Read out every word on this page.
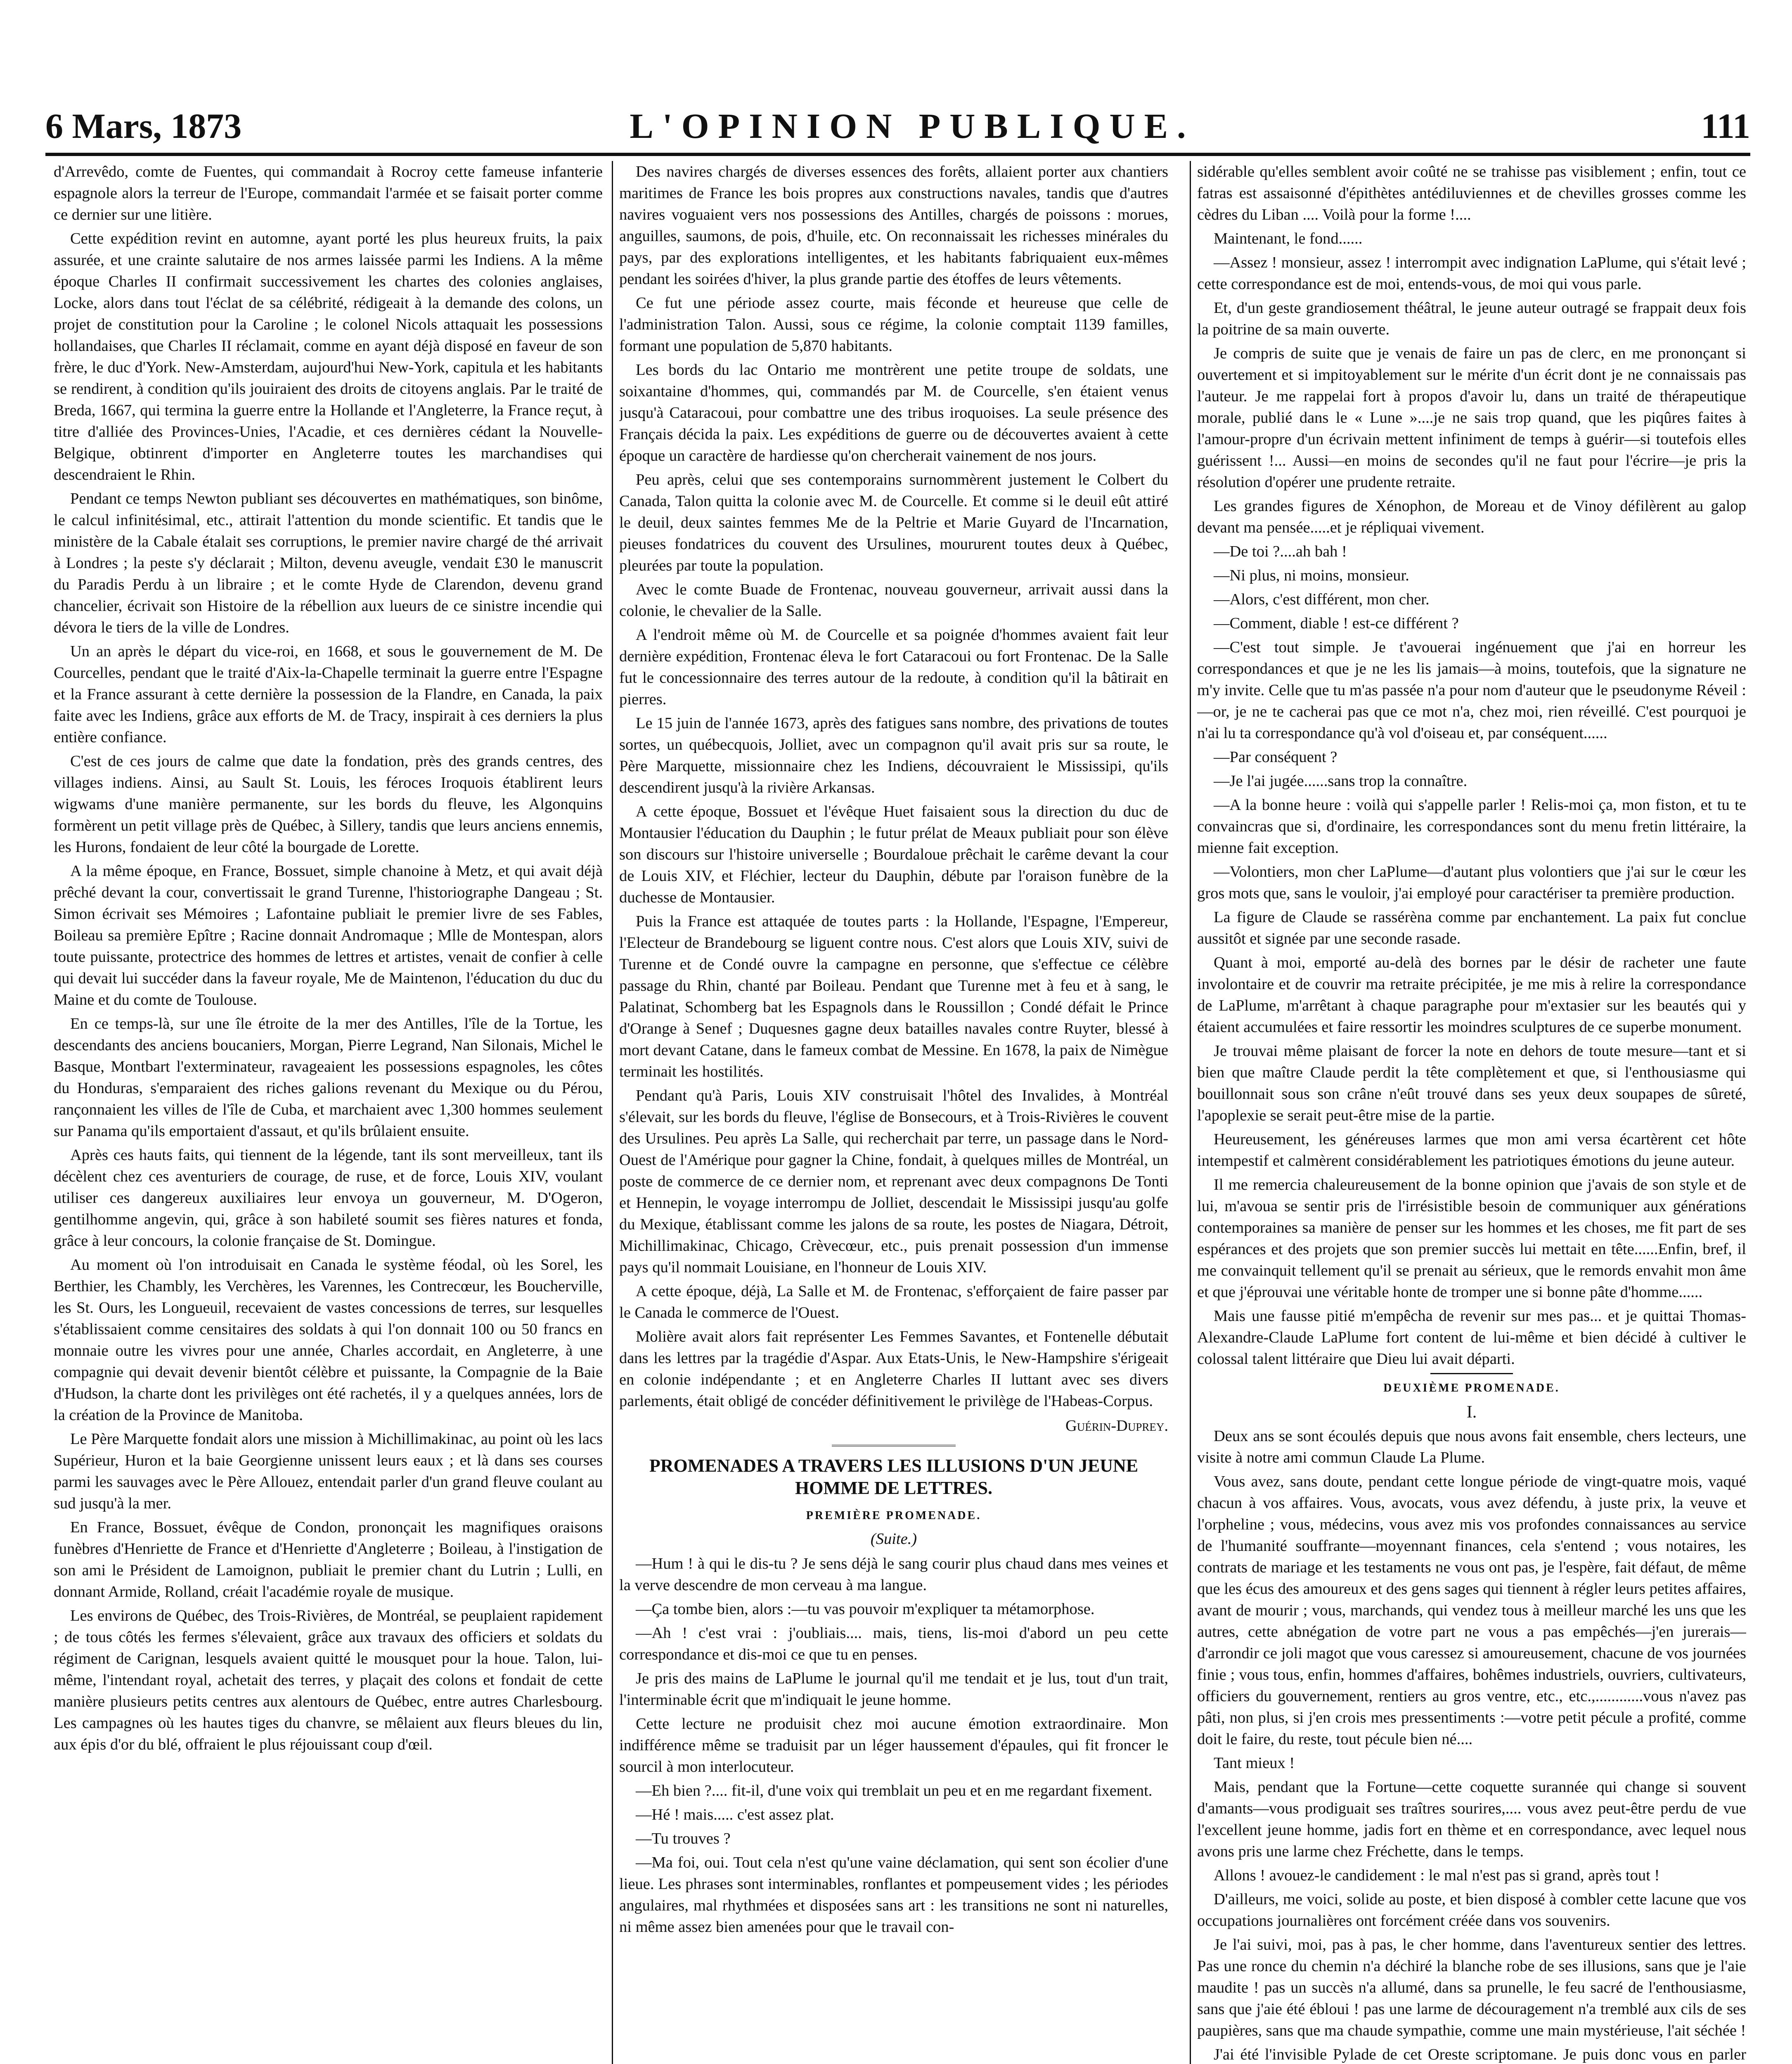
6 Mars, 1873	L'OPINION PUBLIQUE.	111

d'Arrevêdo, comte de Fuentes, qui commandait à Rocroy cette fameuse infanterie espagnole alors la terreur de l'Europe, commandait l'armée et se faisait porter comme ce dernier sur une litière.

Cette expédition revint en automne, ayant porté les plus heureux fruits, la paix assurée, et une crainte salutaire de nos armes laissée parmi les Indiens. A la même époque Charles II confirmait successivement les chartes des colonies anglaises, Locke, alors dans tout l'éclat de sa célébrité, rédigeait à la demande des colons, un projet de constitution pour la Caroline ; le colonel Nicols attaquait les possessions hollandaises, que Charles II réclamait, comme en ayant déjà disposé en faveur de son frère, le duc d'York. New-Amsterdam, aujourd'hui New-York, capitula et les habitants se rendirent, à condition qu'ils jouiraient des droits de citoyens anglais. Par le traité de Breda, 1667, qui termina la guerre entre la Hollande et l'Angleterre, la France reçut, à titre d'alliée des Provinces-Unies, l'Acadie, et ces dernières cédant la Nouvelle-Belgique, obtinrent d'importer en Angleterre toutes les marchandises qui descendraient le Rhin.

Pendant ce temps Newton publiant ses découvertes en mathématiques, son binôme, le calcul infinitésimal, etc., attirait l'attention du monde scientific. Et tandis que le ministère de la Cabale étalait ses corruptions, le premier navire chargé de thé arrivait à Londres ; la peste s'y déclarait ; Milton, devenu aveugle, vendait £30 le manuscrit du Paradis Perdu à un libraire ; et le comte Hyde de Clarendon, devenu grand chancelier, écrivait son Histoire de la rébellion aux lueurs de ce sinistre incendie qui dévora le tiers de la ville de Londres.

Un an après le départ du vice-roi, en 1668, et sous le gouvernement de M. De Courcelles, pendant que le traité d'Aix-la-Chapelle terminait la guerre entre l'Espagne et la France assurant à cette dernière la possession de la Flandre, en Canada, la paix faite avec les Indiens, grâce aux efforts de M. de Tracy, inspirait à ces derniers la plus entière confiance.

C'est de ces jours de calme que date la fondation, près des grands centres, des villages indiens. Ainsi, au Sault St. Louis, les féroces Iroquois établirent leurs wigwams d'une manière permanente, sur les bords du fleuve, les Algonquins formèrent un petit village près de Québec, à Sillery, tandis que leurs anciens ennemis, les Hurons, fondaient de leur côté la bourgade de Lorette.

A la même époque, en France, Bossuet, simple chanoine à Metz, et qui avait déjà prêché devant la cour, convertissait le grand Turenne, l'historiographe Dangeau ; St. Simon écrivait ses Mémoires ; Lafontaine publiait le premier livre de ses Fables, Boileau sa première Epître ; Racine donnait Andromaque ; Mlle de Montespan, alors toute puissante, protectrice des hommes de lettres et artistes, venait de confier à celle qui devait lui succéder dans la faveur royale, Me de Maintenon, l'éducation du duc du Maine et du comte de Toulouse.

En ce temps-là, sur une île étroite de la mer des Antilles, l'île de la Tortue, les descendants des anciens boucaniers, Morgan, Pierre Legrand, Nan Silonais, Michel le Basque, Montbart l'exterminateur, ravageaient les possessions espagnoles, les côtes du Honduras, s'emparaient des riches galions revenant du Mexique ou du Pérou, rançonnaient les villes de l'île de Cuba, et marchaient avec 1,300 hommes seulement sur Panama qu'ils emportaient d'assaut, et qu'ils brûlaient ensuite.

Après ces hauts faits, qui tiennent de la légende, tant ils sont merveilleux, tant ils décèlent chez ces aventuriers de courage, de ruse, et de force, Louis XIV, voulant utiliser ces dangereux auxiliaires leur envoya un gouverneur, M. D'Ogeron, gentilhomme angevin, qui, grâce à son habileté soumit ses fières natures et fonda, grâce à leur concours, la colonie française de St. Domingue.

Au moment où l'on introduisait en Canada le système féodal, où les Sorel, les Berthier, les Chambly, les Verchères, les Varennes, les Contrecœur, les Boucherville, les St. Ours, les Longueuil, recevaient de vastes concessions de terres, sur lesquelles s'établissaient comme censitaires des soldats à qui l'on donnait 100 ou 50 francs en monnaie outre les vivres pour une année, Charles accordait, en Angleterre, à une compagnie qui devait devenir bientôt célèbre et puissante, la Compagnie de la Baie d'Hudson, la charte dont les privilèges ont été rachetés, il y a quelques années, lors de la création de la Province de Manitoba.

Le Père Marquette fondait alors une mission à Michillimakinac, au point où les lacs Supérieur, Huron et la baie Georgienne unissent leurs eaux ; et là dans ses courses parmi les sauvages avec le Père Allouez, entendait parler d'un grand fleuve coulant au sud jusqu'à la mer.

En France, Bossuet, évêque de Condon, prononçait les magnifiques oraisons funèbres d'Henriette de France et d'Henriette d'Angleterre ; Boileau, à l'instigation de son ami le Président de Lamoignon, publiait le premier chant du Lutrin ; Lulli, en donnant Armide, Rolland, créait l'académie royale de musique.

Les environs de Québec, des Trois-Rivières, de Montréal, se peuplaient rapidement ; de tous côtés les fermes s'élevaient, grâce aux travaux des officiers et soldats du régiment de Carignan, lesquels avaient quitté le mousquet pour la houe. Talon, lui-même, l'intendant royal, achetait des terres, y plaçait des colons et fondait de cette manière plusieurs petits centres aux alentours de Québec, entre autres Charlesbourg. Les campagnes où les hautes tiges du chanvre, se mêlaient aux fleurs bleues du lin, aux épis d'or du blé, offraient le plus réjouissant coup d'œil.

Des navires chargés de diverses essences des forêts, allaient porter aux chantiers maritimes de France les bois propres aux constructions navales, tandis que d'autres navires voguaient vers nos possessions des Antilles, chargés de poissons : morues, anguilles, saumons, de pois, d'huile, etc. On reconnaissait les richesses minérales du pays, par des explorations intelligentes, et les habitants fabriquaient eux-mêmes pendant les soirées d'hiver, la plus grande partie des étoffes de leurs vêtements.

Ce fut une période assez courte, mais féconde et heureuse que celle de l'administration Talon. Aussi, sous ce régime, la colonie comptait 1139 familles, formant une population de 5,870 habitants.

Les bords du lac Ontario me montrèrent une petite troupe de soldats, une soixantaine d'hommes, qui, commandés par M. de Courcelle, s'en étaient venus jusqu'à Cataracoui, pour combattre une des tribus iroquoises. La seule présence des Français décida la paix. Les expéditions de guerre ou de découvertes avaient à cette époque un caractère de hardiesse qu'on chercherait vainement de nos jours.

Peu après, celui que ses contemporains surnommèrent justement le Colbert du Canada, Talon quitta la colonie avec M. de Courcelle. Et comme si le deuil eût attiré le deuil, deux saintes femmes Me de la Peltrie et Marie Guyard de l'Incarnation, pieuses fondatrices du couvent des Ursulines, moururent toutes deux à Québec, pleurées par toute la population.

Avec le comte Buade de Frontenac, nouveau gouverneur, arrivait aussi dans la colonie, le chevalier de la Salle.

A l'endroit même où M. de Courcelle et sa poignée d'hommes avaient fait leur dernière expédition, Frontenac éleva le fort Cataracoui ou fort Frontenac. De la Salle fut le concessionnaire des terres autour de la redoute, à condition qu'il la bâtirait en pierres.

Le 15 juin de l'année 1673, après des fatigues sans nombre, des privations de toutes sortes, un québecquois, Jolliet, avec un compagnon qu'il avait pris sur sa route, le Père Marquette, missionnaire chez les Indiens, découvraient le Mississipi, qu'ils descendirent jusqu'à la rivière Arkansas.

A cette époque, Bossuet et l'évêque Huet faisaient sous la direction du duc de Montausier l'éducation du Dauphin ; le futur prélat de Meaux publiait pour son élève son discours sur l'histoire universelle ; Bourdaloue prêchait le carême devant la cour de Louis XIV, et Fléchier, lecteur du Dauphin, débute par l'oraison funèbre de la duchesse de Montausier.

Puis la France est attaquée de toutes parts : la Hollande, l'Espagne, l'Empereur, l'Electeur de Brandebourg se liguent contre nous. C'est alors que Louis XIV, suivi de Turenne et de Condé ouvre la campagne en personne, que s'effectue ce célèbre passage du Rhin, chanté par Boileau. Pendant que Turenne met à feu et à sang, le Palatinat, Schomberg bat les Espagnols dans le Roussillon ; Condé défait le Prince d'Orange à Senef ; Duquesnes gagne deux batailles navales contre Ruyter, blessé à mort devant Catane, dans le fameux combat de Messine. En 1678, la paix de Nimègue terminait les hostilités.

Pendant qu'à Paris, Louis XIV construisait l'hôtel des Invalides, à Montréal s'élevait, sur les bords du fleuve, l'église de Bonsecours, et à Trois-Rivières le couvent des Ursulines. Peu après La Salle, qui recherchait par terre, un passage dans le Nord-Ouest de l'Amérique pour gagner la Chine, fondait, à quelques milles de Montréal, un poste de commerce de ce dernier nom, et reprenant avec deux compagnons De Tonti et Hennepin, le voyage interrompu de Jolliet, descendait le Mississipi jusqu'au golfe du Mexique, établissant comme les jalons de sa route, les postes de Niagara, Détroit, Michillimakinac, Chicago, Crèvecœur, etc., puis prenait possession d'un immense pays qu'il nommait Louisiane, en l'honneur de Louis XIV.

A cette époque, déjà, La Salle et M. de Frontenac, s'efforçaient de faire passer par le Canada le commerce de l'Ouest.

Molière avait alors fait représenter Les Femmes Savantes, et Fontenelle débutait dans les lettres par la tragédie d'Aspar. Aux Etats-Unis, le New-Hampshire s'érigeait en colonie indépendante ; et en Angleterre Charles II luttant avec ses divers parlements, était obligé de concéder définitivement le privilège de l'Habeas-Corpus.

Guérin-Duprey.
PROMENADES A TRAVERS LES ILLUSIONS D'UN JEUNE HOMME DE LETTRES.
PREMIÈRE PROMENADE.
(Suite.)

—Hum ! à qui le dis-tu ? Je sens déjà le sang courir plus chaud dans mes veines et la verve descendre de mon cerveau à ma langue.

—Ça tombe bien, alors :—tu vas pouvoir m'expliquer ta métamorphose.

—Ah ! c'est vrai : j'oubliais.... mais, tiens, lis-moi d'abord un peu cette correspondance et dis-moi ce que tu en penses.

Je pris des mains de LaPlume le journal qu'il me tendait et je lus, tout d'un trait, l'interminable écrit que m'indiquait le jeune homme.

Cette lecture ne produisit chez moi aucune émotion extraordinaire. Mon indifférence même se traduisit par un léger haussement d'épaules, qui fit froncer le sourcil à mon interlocuteur.

—Eh bien ?.... fit-il, d'une voix qui tremblait un peu et en me regardant fixement.

—Hé ! mais..... c'est assez plat.

—Tu trouves ?

—Ma foi, oui. Tout cela n'est qu'une vaine déclamation, qui sent son écolier d'une lieue. Les phrases sont interminables, ronflantes et pompeusement vides ; les périodes angulaires, mal rhythmées et disposées sans art : les transitions ne sont ni naturelles, ni même assez bien amenées pour que le travail con-

sidérable qu'elles semblent avoir coûté ne se trahisse pas visiblement ; enfin, tout ce fatras est assaisonné d'épithètes antédiluviennes et de chevilles grosses comme les cèdres du Liban .... Voilà pour la forme !....

Maintenant, le fond......

—Assez ! monsieur, assez ! interrompit avec indignation LaPlume, qui s'était levé ; cette correspondance est de moi, entends-vous, de moi qui vous parle.

Et, d'un geste grandiosement théâtral, le jeune auteur outragé se frappait deux fois la poitrine de sa main ouverte.

Je compris de suite que je venais de faire un pas de clerc, en me prononçant si ouvertement et si impitoyablement sur le mérite d'un écrit dont je ne connaissais pas l'auteur. Je me rappelai fort à propos d'avoir lu, dans un traité de thérapeutique morale, publié dans le « Lune »....je ne sais trop quand, que les piqûres faites à l'amour-propre d'un écrivain mettent infiniment de temps à guérir—si toutefois elles guérissent !... Aussi—en moins de secondes qu'il ne faut pour l'écrire—je pris la résolution d'opérer une prudente retraite.

Les grandes figures de Xénophon, de Moreau et de Vinoy défilèrent au galop devant ma pensée.....et je répliquai vivement.

—De toi ?....ah bah !

—Ni plus, ni moins, monsieur.

—Alors, c'est différent, mon cher.

—Comment, diable ! est-ce différent ?

—C'est tout simple. Je t'avouerai ingénuement que j'ai en horreur les correspondances et que je ne les lis jamais—à moins, toutefois, que la signature ne m'y invite. Celle que tu m'as passée n'a pour nom d'auteur que le pseudonyme Réveil :—or, je ne te cacherai pas que ce mot n'a, chez moi, rien réveillé. C'est pourquoi je n'ai lu ta correspondance qu'à vol d'oiseau et, par conséquent......

—Par conséquent ?

—Je l'ai jugée......sans trop la connaître.

—A la bonne heure : voilà qui s'appelle parler ! Relis-moi ça, mon fiston, et tu te convaincras que si, d'ordinaire, les correspondances sont du menu fretin littéraire, la mienne fait exception.

—Volontiers, mon cher LaPlume—d'autant plus volontiers que j'ai sur le cœur les gros mots que, sans le vouloir, j'ai employé pour caractériser ta première production.

La figure de Claude se rassérèna comme par enchantement. La paix fut conclue aussitôt et signée par une seconde rasade.

Quant à moi, emporté au-delà des bornes par le désir de racheter une faute involontaire et de couvrir ma retraite précipitée, je me mis à relire la correspondance de LaPlume, m'arrêtant à chaque paragraphe pour m'extasier sur les beautés qui y étaient accumulées et faire ressortir les moindres sculptures de ce superbe monument.

Je trouvai même plaisant de forcer la note en dehors de toute mesure—tant et si bien que maître Claude perdit la tête complètement et que, si l'enthousiasme qui bouillonnait sous son crâne n'eût trouvé dans ses yeux deux soupapes de sûreté, l'apoplexie se serait peut-être mise de la partie.

Heureusement, les généreuses larmes que mon ami versa écartèrent cet hôte intempestif et calmèrent considérablement les patriotiques émotions du jeune auteur.

Il me remercia chaleureusement de la bonne opinion que j'avais de son style et de lui, m'avoua se sentir pris de l'irrésistible besoin de communiquer aux générations contemporaines sa manière de penser sur les hommes et les choses, me fit part de ses espérances et des projets que son premier succès lui mettait en tête......Enfin, bref, il me convainquit tellement qu'il se prenait au sérieux, que le remords envahit mon âme et que j'éprouvai une véritable honte de tromper une si bonne pâte d'homme......

Mais une fausse pitié m'empêcha de revenir sur mes pas... et je quittai Thomas-Alexandre-Claude LaPlume fort content de lui-même et bien décidé à cultiver le colossal talent littéraire que Dieu lui avait départi.

DEUXIÈME PROMENADE.
I.

Deux ans se sont écoulés depuis que nous avons fait ensemble, chers lecteurs, une visite à notre ami commun Claude La Plume.

Vous avez, sans doute, pendant cette longue période de vingt-quatre mois, vaqué chacun à vos affaires. Vous, avocats, vous avez défendu, à juste prix, la veuve et l'orpheline ; vous, médecins, vous avez mis vos profondes connaissances au service de l'humanité souffrante—moyennant finances, cela s'entend ; vous notaires, les contrats de mariage et les testaments ne vous ont pas, je l'espère, fait défaut, de même que les écus des amoureux et des gens sages qui tiennent à régler leurs petites affaires, avant de mourir ; vous, marchands, qui vendez tous à meilleur marché les uns que les autres, cette abnégation de votre part ne vous a pas empêchés—j'en jurerais—d'arrondir ce joli magot que vous caressez si amoureusement, chacune de vos journées finie ; vous tous, enfin, hommes d'affaires, bohêmes industriels, ouvriers, cultivateurs, officiers du gouvernement, rentiers au gros ventre, etc., etc.,............vous n'avez pas pâti, non plus, si j'en crois mes pressentiments :—votre petit pécule a profité, comme doit le faire, du reste, tout pécule bien né....

Tant mieux !

Mais, pendant que la Fortune—cette coquette surannée qui change si souvent d'amants—vous prodiguait ses traîtres sourires,.... vous avez peut-être perdu de vue l'excellent jeune homme, jadis fort en thème et en correspondance, avec lequel nous avons pris une larme chez Fréchette, dans le temps.

Allons ! avouez-le candidement : le mal n'est pas si grand, après tout !

D'ailleurs, me voici, solide au poste, et bien disposé à combler cette lacune que vos occupations journalières ont forcément créée dans vos souvenirs.

Je l'ai suivi, moi, pas à pas, le cher homme, dans l'aventureux sentier des lettres. Pas une ronce du chemin n'a déchiré la blanche robe de ses illusions, sans que je l'aie maudite ! pas un succès n'a allumé, dans sa prunelle, le feu sacré de l'enthousiasme, sans que j'aie été ébloui ! pas une larme de découragement n'a tremblé aux cils de ses paupières, sans que ma chaude sympathie, comme une main mystérieuse, l'ait séchée !

J'ai été l'invisible Pylade de cet Oreste scriptomane. Je puis donc vous en parler
